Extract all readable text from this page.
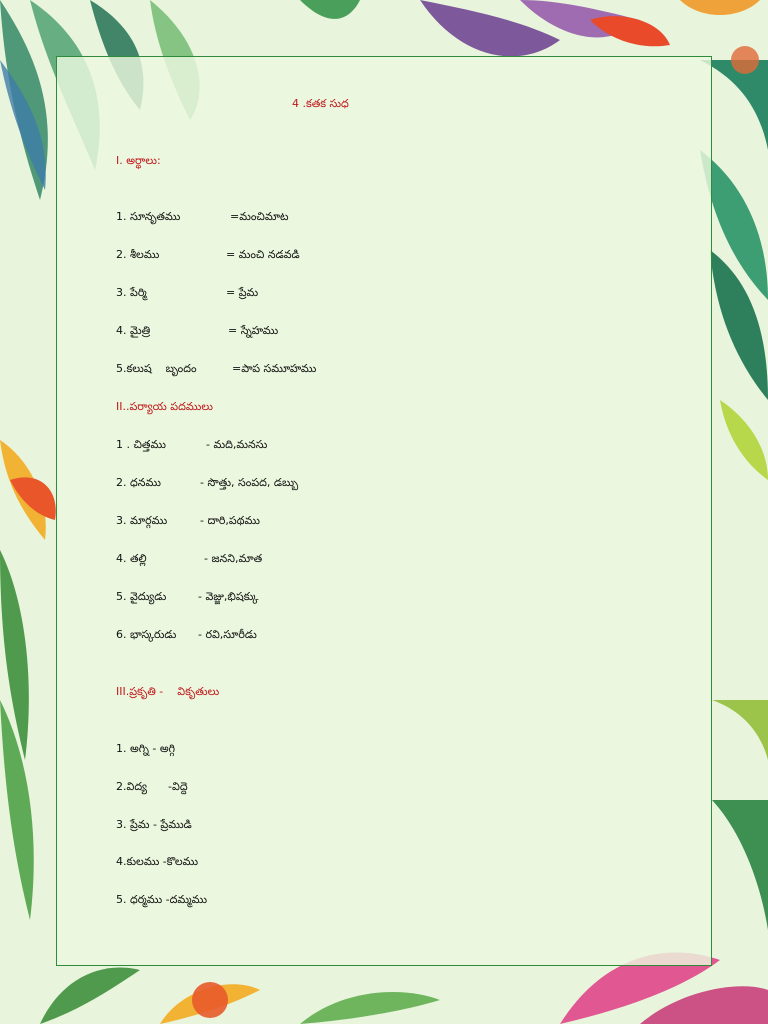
4 .కతక సుధ
I. అర్థాలు:
1. సూనృతము	=మంచిమాట
2. శీలము	= మంచి నడవడి
3. పేర్మి	= ప్రేమ
4. మైత్రి	= స్నేహము
5.కలుష    బృందం	=పాప సమూహము
II..పర్యాయ పదములు
1 . చిత్తము	- మది,మనసు
2. ధనము	- సొత్తు, సంపద, డబ్బు
3. మార్గము	- దారి,పథము
4. తల్లి	- జనని,మాత
5. వైద్యుడు	- వెజ్జు,భిషక్కు
6. భాస్కరుడు - రవి,సూరీడు
III.ప్రకృతి -    వికృతులు
1. అగ్ని - అగ్గి
2.విద్య      -విద్దె
3. ప్రేమ - ప్రేముడి
4.కులము -కొలము
5. ధర్మము -దమ్మము
